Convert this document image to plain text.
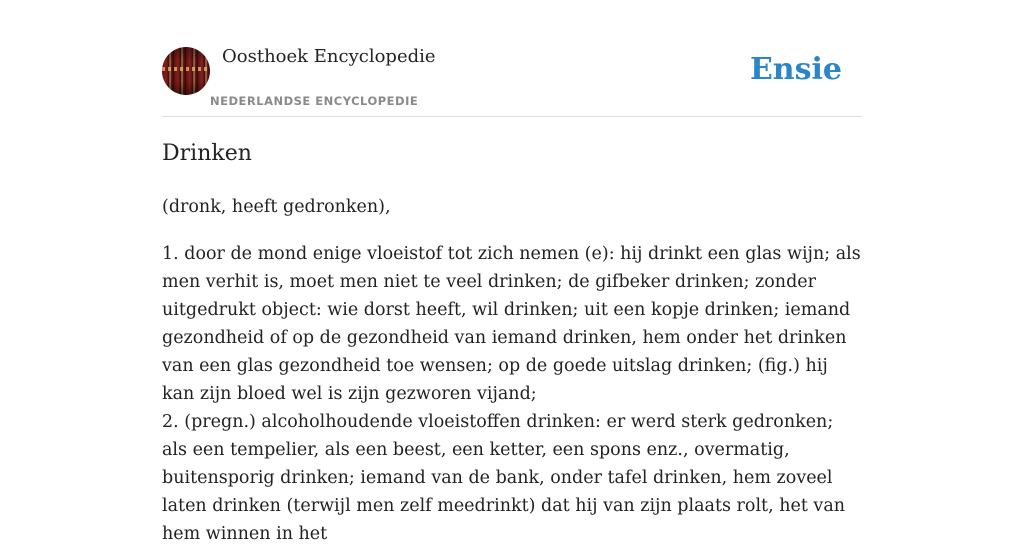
Oosthoek Encyclopedie
NEDERLANDSE ENCYCLOPEDIE
Ensie
Drinken

(dronk, heeft gedronken),

1. door de mond enige vloeistof tot zich nemen (e): hij drinkt een glas wijn; als men verhit is, moet men niet te veel drinken; de gifbeker drinken; zonder uitgedrukt object: wie dorst heeft, wil drinken; uit een kopje drinken; iemand gezondheid of op de gezondheid van iemand drinken, hem onder het drinken van een glas gezondheid toe wensen; op de goede uitslag drinken; (fig.) hij kan zijn bloed wel is zijn gezworen vijand;

2. (pregn.) alcoholhoudende vloeistoffen drinken: er werd sterk gedronken; als een tempelier, als een beest, een ketter, een spons enz., overmatig, buitensporig drinken; iemand van de bank, onder tafel drinken, hem zoveel laten drinken (terwijl men zelf meedrinkt) dat hij van zijn plaats rolt, het van hem winnen in het
